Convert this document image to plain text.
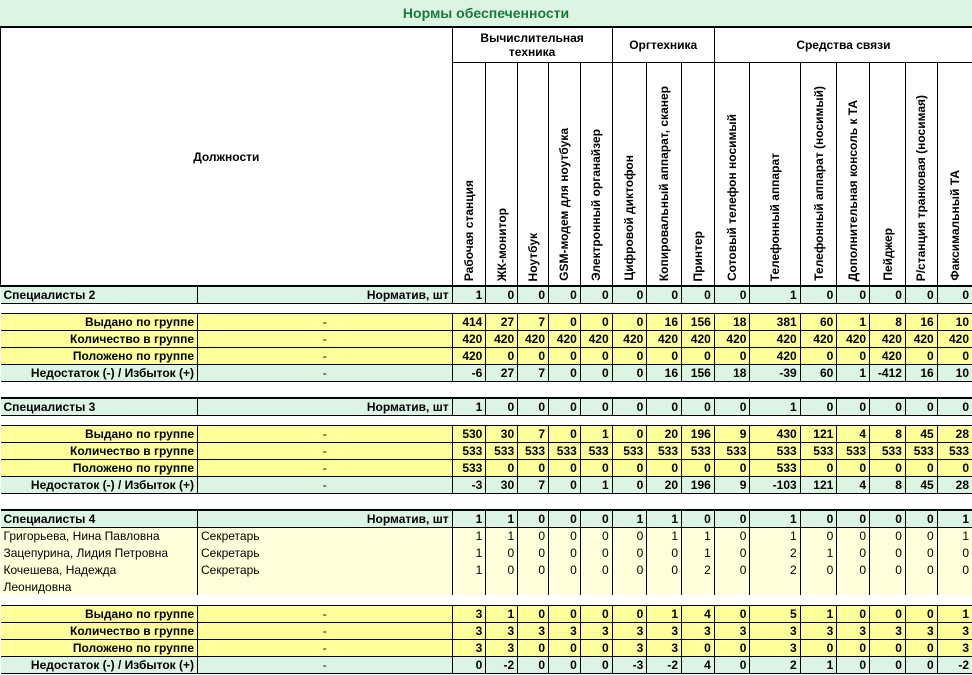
Нормы обеспеченности
Должности		Вычислительная техника					Оргтехника			Средства связи						

		Рабочая станция	ЖК-монитор	Ноутбук	GSM-модем для ноутбука	Электронный органайзер	Цифровой диктофон	Копировальный аппарат, сканер	Принтер	Сотовый телефон носимый	Телефонный аппарат	Телефонный аппарат (носимый)	Дополнительная консоль к ТА	Пейджер	Р/станция транковая (носимая)	Факсимальный ТА

Специалисты 2	Норматив, шт	1	0	0	0	0	0	0	0	0	1	0	0	0	0	0

Выдано по группе	-	414	27	7	0	0	0	16	156	18	381	60	1	8	16	10
Количество в группе	-	420	420	420	420	420	420	420	420	420	420	420	420	420	420	420
Положено по группе	-	420	0	0	0	0	0	0	0	0	420	0	0	420	0	0
Недостаток (-) / Избыток (+)	-	-6	27	7	0	0	0	16	156	18	-39	60	1	-412	16	10

Специалисты 3	Норматив, шт	1	0	0	0	0	0	0	0	0	1	0	0	0	0	0

Выдано по группе	-	530	30	7	0	1	0	20	196	9	430	121	4	8	45	28
Количество в группе	-	533	533	533	533	533	533	533	533	533	533	533	533	533	533	533
Положено по группе	-	533	0	0	0	0	0	0	0	0	533	0	0	0	0	0
Недостаток (-) / Избыток (+)	-	-3	30	7	0	1	0	20	196	9	-103	121	4	8	45	28

Специалисты 4	Норматив, шт	1	1	0	0	0	1	1	0	0	1	0	0	0	0	1
Григорьева, Нина Павловна	Секретарь	1	1	0	0	0	0	1	1	0	1	0	0	0	0	1
Зацепурина, Лидия Петровна	Секретарь	1	0	0	0	0	0	0	1	0	2	1	0	0	0	0
Кочешева, Надежда	Секретарь	1	0	0	0	0	0	0	2	0	2	0	0	0	0	0
Леонидовна																

Выдано по группе	-	3	1	0	0	0	0	1	4	0	5	1	0	0	0	1
Количество в группе	-	3	3	3	3	3	3	3	3	3	3	3	3	3	3	3
Положено по группе	-	3	3	0	0	0	3	3	0	0	3	0	0	0	0	3
Недостаток (-) / Избыток (+)	-	0	-2	0	0	0	-3	-2	4	0	2	1	0	0	0	-2
